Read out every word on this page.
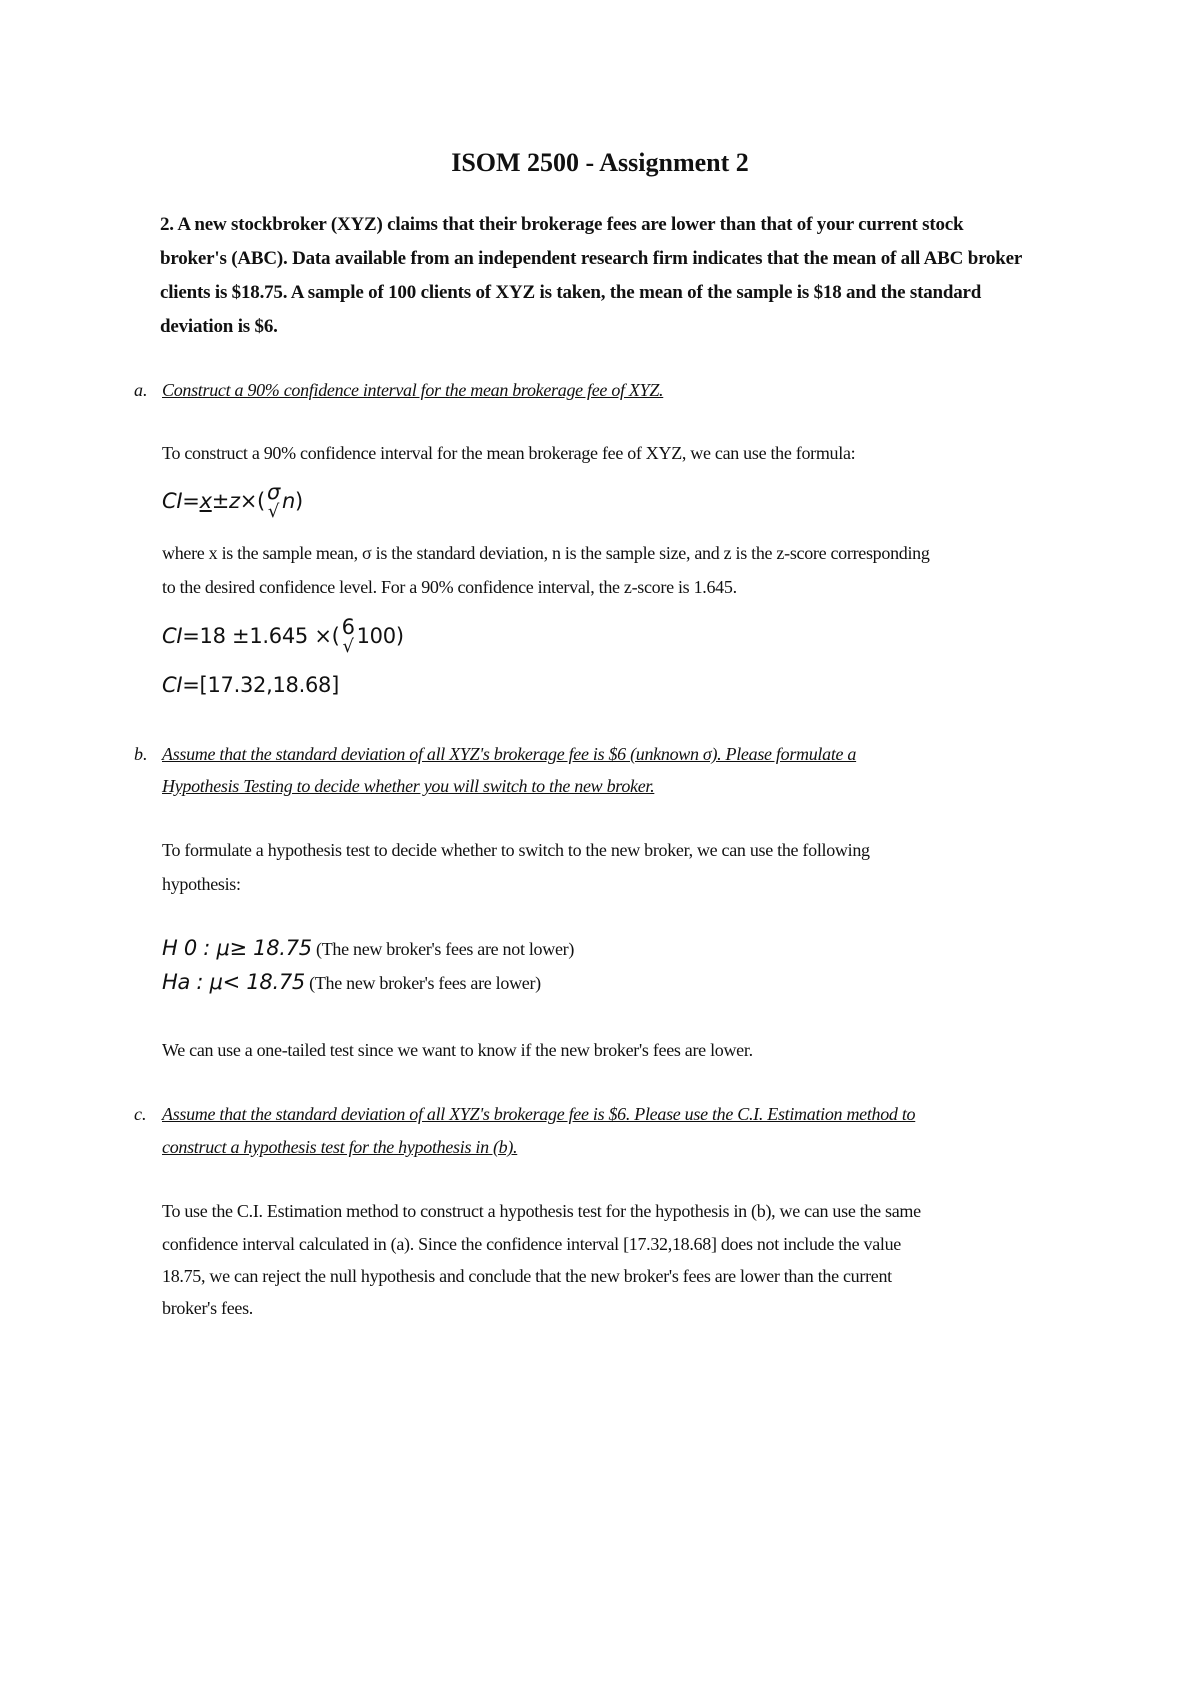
ISOM 2500 - Assignment 2
2. A new stockbroker (XYZ) claims that their brokerage fees are lower than that of your current stock
broker's (ABC). Data available from an independent research firm indicates that the mean of all ABC broker
clients is $18.75. A sample of 100 clients of XYZ is taken, the mean of the sample is $18 and the standard
deviation is $6.
a. Construct a 90% confidence interval for the mean brokerage fee of XYZ.
To construct a 90% confidence interval for the mean brokerage fee of XYZ, we can use the formula:
CI=x±z×( σ
√ n)
where x is the sample mean, σ is the standard deviation, n is the sample size, and z is the z-score corresponding
to the desired confidence level. For a 90% confidence interval, the z-score is 1.645.
CI=18 ±1.645 ×( 6
√ 100)
CI=[17.32,18.68]
b. Assume that the standard deviation of all XYZ's brokerage fee is $6 (unknown σ). Please formulate a
Hypothesis Testing to decide whether you will switch to the new broker.
To formulate a hypothesis test to decide whether to switch to the new broker, we can use the following
hypothesis:
H 0 : μ≥ 18.75 (The new broker's fees are not lower)
Ha : μ< 18.75 (The new broker's fees are lower)
We can use a one-tailed test since we want to know if the new broker's fees are lower.
c. Assume that the standard deviation of all XYZ's brokerage fee is $6. Please use the C.I. Estimation method to
construct a hypothesis test for the hypothesis in (b).
To use the C.I. Estimation method to construct a hypothesis test for the hypothesis in (b), we can use the same
confidence interval calculated in (a). Since the confidence interval [17.32,18.68] does not include the value
18.75, we can reject the null hypothesis and conclude that the new broker's fees are lower than the current
broker's fees.
